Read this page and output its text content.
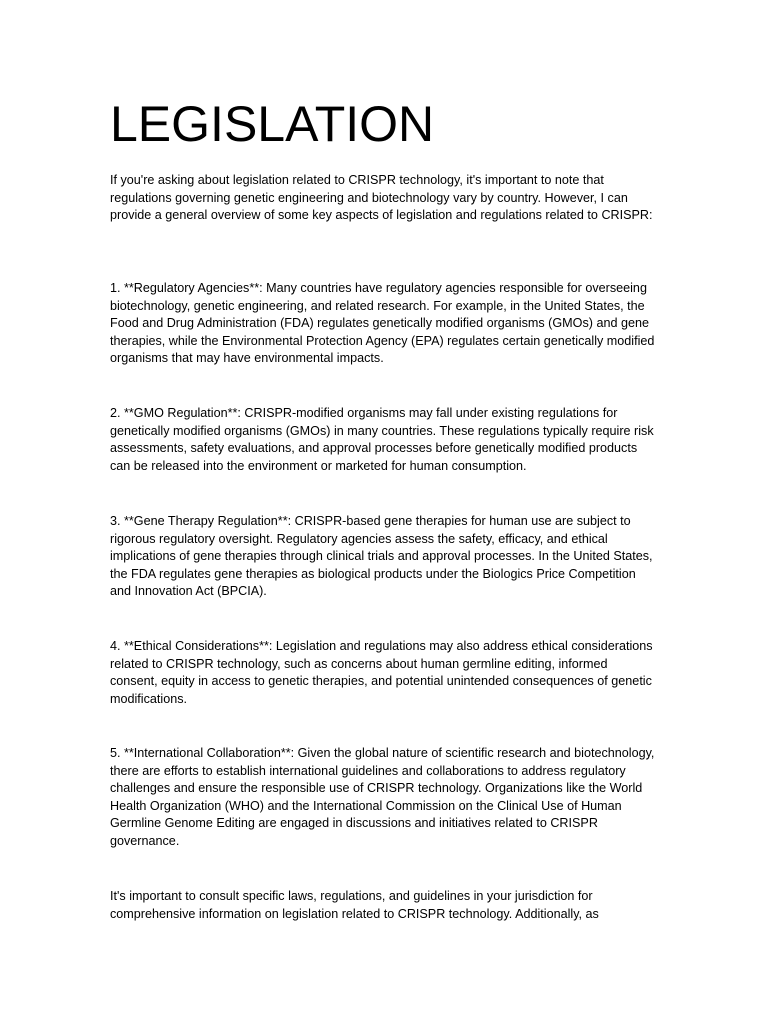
LEGISLATION

If you're asking about legislation related to CRISPR technology, it's important to note that regulations governing genetic engineering and biotechnology vary by country. However, I can provide a general overview of some key aspects of legislation and regulations related to CRISPR:

1. **Regulatory Agencies**: Many countries have regulatory agencies responsible for overseeing biotechnology, genetic engineering, and related research. For example, in the United States, the Food and Drug Administration (FDA) regulates genetically modified organisms (GMOs) and gene therapies, while the Environmental Protection Agency (EPA) regulates certain genetically modified organisms that may have environmental impacts.

2. **GMO Regulation**: CRISPR-modified organisms may fall under existing regulations for genetically modified organisms (GMOs) in many countries. These regulations typically require risk assessments, safety evaluations, and approval processes before genetically modified products can be released into the environment or marketed for human consumption.

3. **Gene Therapy Regulation**: CRISPR-based gene therapies for human use are subject to rigorous regulatory oversight. Regulatory agencies assess the safety, efficacy, and ethical implications of gene therapies through clinical trials and approval processes. In the United States, the FDA regulates gene therapies as biological products under the Biologics Price Competition and Innovation Act (BPCIA).

4. **Ethical Considerations**: Legislation and regulations may also address ethical considerations related to CRISPR technology, such as concerns about human germline editing, informed consent, equity in access to genetic therapies, and potential unintended consequences of genetic modifications.

5. **International Collaboration**: Given the global nature of scientific research and biotechnology, there are efforts to establish international guidelines and collaborations to address regulatory challenges and ensure the responsible use of CRISPR technology. Organizations like the World Health Organization (WHO) and the International Commission on the Clinical Use of Human Germline Genome Editing are engaged in discussions and initiatives related to CRISPR governance.

It's important to consult specific laws, regulations, and guidelines in your jurisdiction for comprehensive information on legislation related to CRISPR technology. Additionally, as
